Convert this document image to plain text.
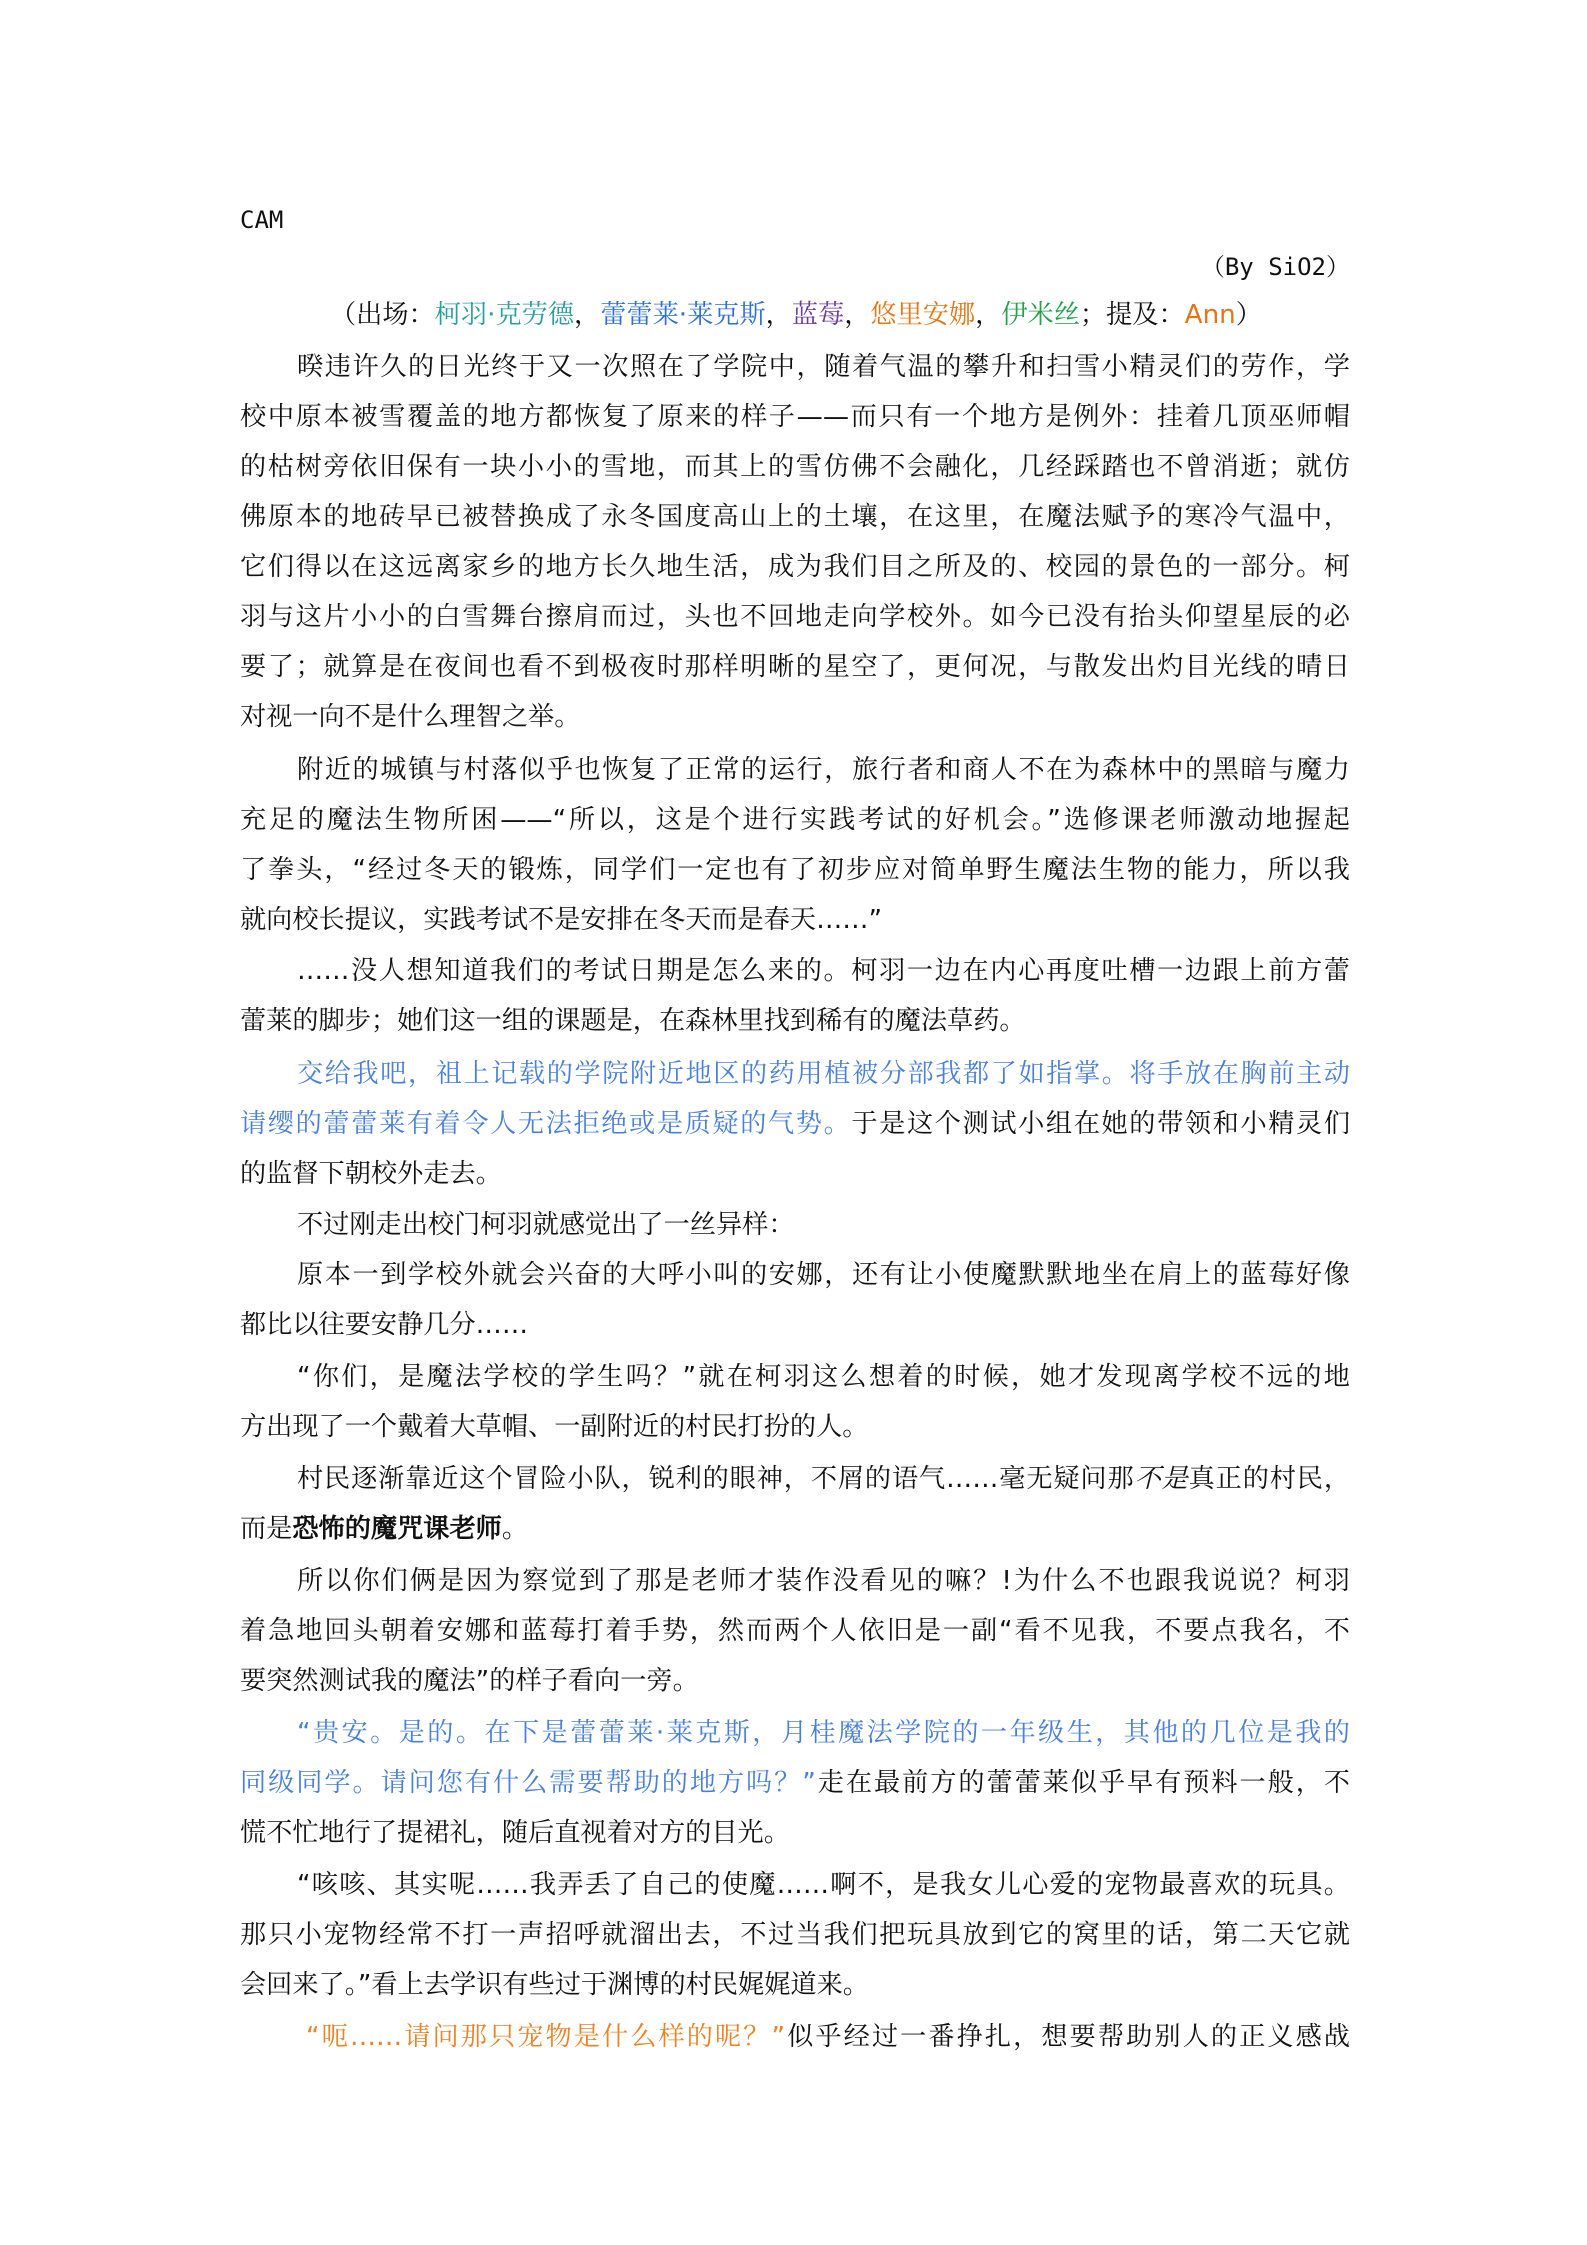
CAM
（By SiO2）
（出场：柯羽·克劳德，蕾蕾莱·莱克斯，蓝莓，悠里安娜，伊米丝；提及：Ann）
暌违许久的日光终于又一次照在了学院中，随着气温的攀升和扫雪小精灵们的劳作，学
校中原本被雪覆盖的地方都恢复了原来的样子——而只有一个地方是例外：挂着几顶巫师帽
的枯树旁依旧保有一块小小的雪地，而其上的雪仿佛不会融化，几经踩踏也不曾消逝；就仿
佛原本的地砖早已被替换成了永冬国度高山上的土壤，在这里，在魔法赋予的寒冷气温中，
它们得以在这远离家乡的地方长久地生活，成为我们目之所及的、校园的景色的一部分。柯
羽与这片小小的白雪舞台擦肩而过，头也不回地走向学校外。如今已没有抬头仰望星辰的必
要了；就算是在夜间也看不到极夜时那样明晰的星空了，更何况，与散发出灼目光线的晴日
对视一向不是什么理智之举。
附近的城镇与村落似乎也恢复了正常的运行，旅行者和商人不在为森林中的黑暗与魔力
充足的魔法生物所困——“所以，这是个进行实践考试的好机会。”选修课老师激动地握起
了拳头，“经过冬天的锻炼，同学们一定也有了初步应对简单野生魔法生物的能力，所以我
就向校长提议，实践考试不是安排在冬天而是春天……”
……没人想知道我们的考试日期是怎么来的。柯羽一边在内心再度吐槽一边跟上前方蕾
蕾莱的脚步；她们这一组的课题是，在森林里找到稀有的魔法草药。
交给我吧，祖上记载的学院附近地区的药用植被分部我都了如指掌。将手放在胸前主动
请缨的蕾蕾莱有着令人无法拒绝或是质疑的气势。于是这个测试小组在她的带领和小精灵们
的监督下朝校外走去。
不过刚走出校门柯羽就感觉出了一丝异样：
原本一到学校外就会兴奋的大呼小叫的安娜，还有让小使魔默默地坐在肩上的蓝莓好像
都比以往要安静几分……
“你们，是魔法学校的学生吗？”就在柯羽这么想着的时候，她才发现离学校不远的地
方出现了一个戴着大草帽、一副附近的村民打扮的人。
村民逐渐靠近这个冒险小队，锐利的眼神，不屑的语气……毫无疑问那不是真正的村民，
而是恐怖的魔咒课老师。
所以你们俩是因为察觉到了那是老师才装作没看见的嘛？!为什么不也跟我说说？柯羽
着急地回头朝着安娜和蓝莓打着手势，然而两个人依旧是一副“看不见我，不要点我名，不
要突然测试我的魔法”的样子看向一旁。
“贵安。是的。在下是蕾蕾莱·莱克斯，月桂魔法学院的一年级生，其他的几位是我的
同级同学。请问您有什么需要帮助的地方吗？”走在最前方的蕾蕾莱似乎早有预料一般，不
慌不忙地行了提裙礼，随后直视着对方的目光。
“咳咳、其实呢……我弄丢了自己的使魔……啊不，是我女儿心爱的宠物最喜欢的玩具。
那只小宠物经常不打一声招呼就溜出去，不过当我们把玩具放到它的窝里的话，第二天它就
会回来了。”看上去学识有些过于渊博的村民娓娓道来。
“呃……请问那只宠物是什么样的呢？”似乎经过一番挣扎，想要帮助别人的正义感战
